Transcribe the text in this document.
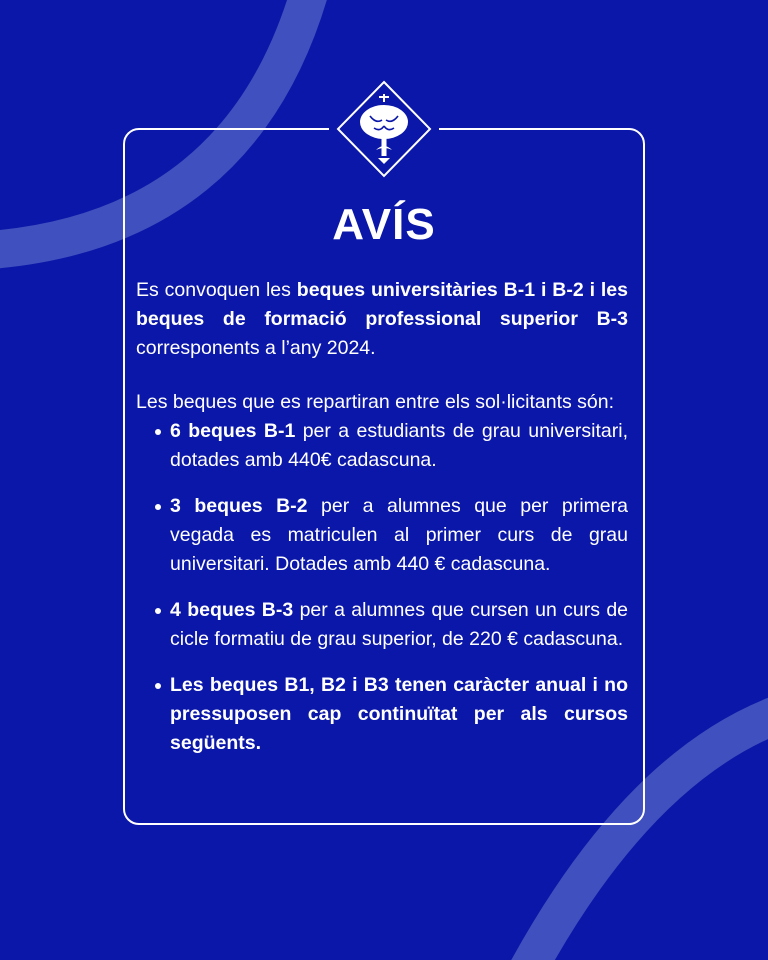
AVÍS

Es convoquen les beques universitàries B-1 i B-2 i les beques de formació professional superior B-3 corresponents a l’any 2024.

Les beques que es repartiran entre els sol·licitants són:

6 beques B-1 per a estudiants de grau universitari, dotades amb 440€ cadascuna.
3 beques B-2 per a alumnes que per primera vegada es matriculen al primer curs de grau universitari. Dotades amb 440 € cadascuna.
4 beques B-3 per a alumnes que cursen un curs de cicle formatiu de grau superior, de 220 € cadascuna.
Les beques B1, B2 i B3 tenen caràcter anual i no pressuposen cap continuïtat per als cursos següents.
